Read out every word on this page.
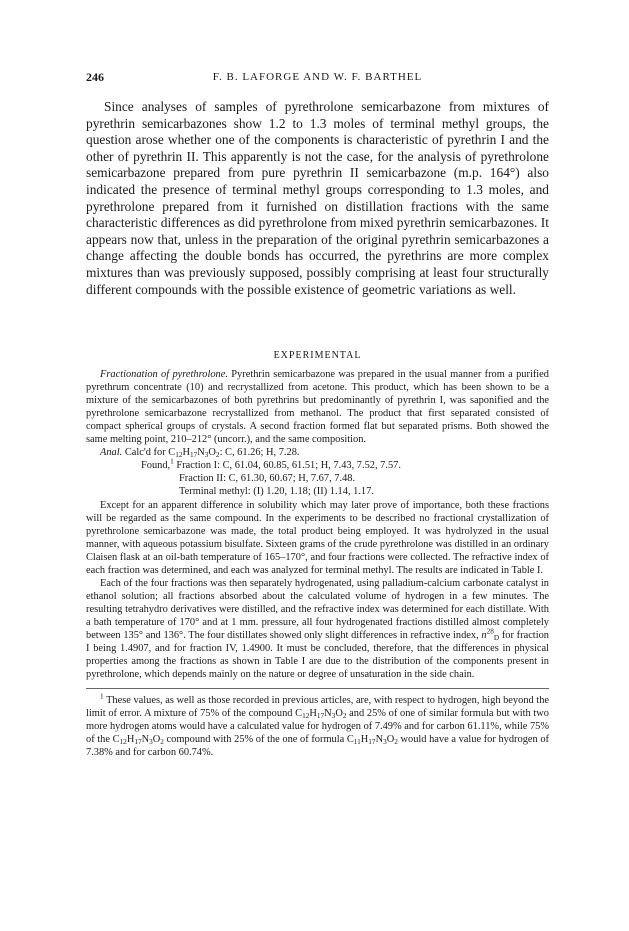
246	F. B. LAFORGE AND W. F. BARTHEL

Since analyses of samples of pyrethrolone semicarbazone from mixtures of pyrethrin semicarbazones show 1.2 to 1.3 moles of terminal methyl groups, the question arose whether one of the components is characteristic of pyrethrin I and the other of pyrethrin II. This apparently is not the case, for the analysis of pyrethrolone semicarbazone prepared from pure pyrethrin II semicarbazone (m.p. 164°) also indicated the presence of terminal methyl groups corresponding to 1.3 moles, and pyrethrolone prepared from it furnished on distillation fractions with the same characteristic differences as did pyrethrolone from mixed pyrethrin semicarbazones. It appears now that, unless in the preparation of the original pyrethrin semicarbazones a change affecting the double bonds has occurred, the pyrethrins are more complex mixtures than was previously supposed, possibly comprising at least four structurally different compounds with the possible existence of geometric variations as well.

EXPERIMENTAL

Fractionation of pyrethrolone. Pyrethrin semicarbazone was prepared in the usual manner from a purified pyrethrum concentrate (10) and recrystallized from acetone. This product, which has been shown to be a mixture of the semicarbazones of both pyrethrins but predominantly of pyrethrin I, was saponified and the pyrethrolone semicarbazone recrystallized from methanol. The product that first separated consisted of compact spherical groups of crystals. A second fraction formed flat but separated prisms. Both showed the same melting point, 210–212° (uncorr.), and the same composition.

Anal. Calc'd for $C_{12}H_{17}N_3O_2$: C, 61.26; H, 7.28.

Found,$^1$ Fraction I: C, 61.04, 60.85, 61.51; H, 7.43, 7.52, 7.57.

Fraction II: C, 61.30, 60.67; H, 7.67, 7.48.

Terminal methyl: (I) 1.20, 1.18; (II) 1.14, 1.17.

Except for an apparent difference in solubility which may later prove of importance, both these fractions will be regarded as the same compound. In the experiments to be described no fractional crystallization of pyrethrolone semicarbazone was made, the total product being employed. It was hydrolyzed in the usual manner, with aqueous potassium bisulfate. Sixteen grams of the crude pyrethrolone was distilled in an ordinary Claisen flask at an oil-bath temperature of 165–170°, and four fractions were collected. The refractive index of each fraction was determined, and each was analyzed for terminal methyl. The results are indicated in Table I.

Each of the four fractions was then separately hydrogenated, using palladium-calcium carbonate catalyst in ethanol solution; all fractions absorbed about the calculated volume of hydrogen in a few minutes. The resulting tetrahydro derivatives were distilled, and the refractive index was determined for each distillate. With a bath temperature of 170° and at 1 mm. pressure, all four hydrogenated fractions distilled almost completely between 135° and 136°. The four distillates showed only slight differences in refractive index, $n^{28}_D$ for fraction I being 1.4907, and for fraction IV, 1.4900. It must be concluded, therefore, that the differences in physical properties among the fractions as shown in Table I are due to the distribution of the components present in pyrethrolone, which depends mainly on the nature or degree of unsaturation in the side chain.

$^1$ These values, as well as those recorded in previous articles, are, with respect to hydrogen, high beyond the limit of error. A mixture of 75% of the compound $C_{12}H_{17}N_3O_2$ and 25% of one of similar formula but with two more hydrogen atoms would have a calculated value for hydrogen of 7.49% and for carbon 61.11%, while 75% of the $C_{12}H_{17}N_3O_2$ compound with 25% of the one of formula $C_{11}H_{17}N_3O_2$ would have a value for hydrogen of 7.38% and for carbon 60.74%.
